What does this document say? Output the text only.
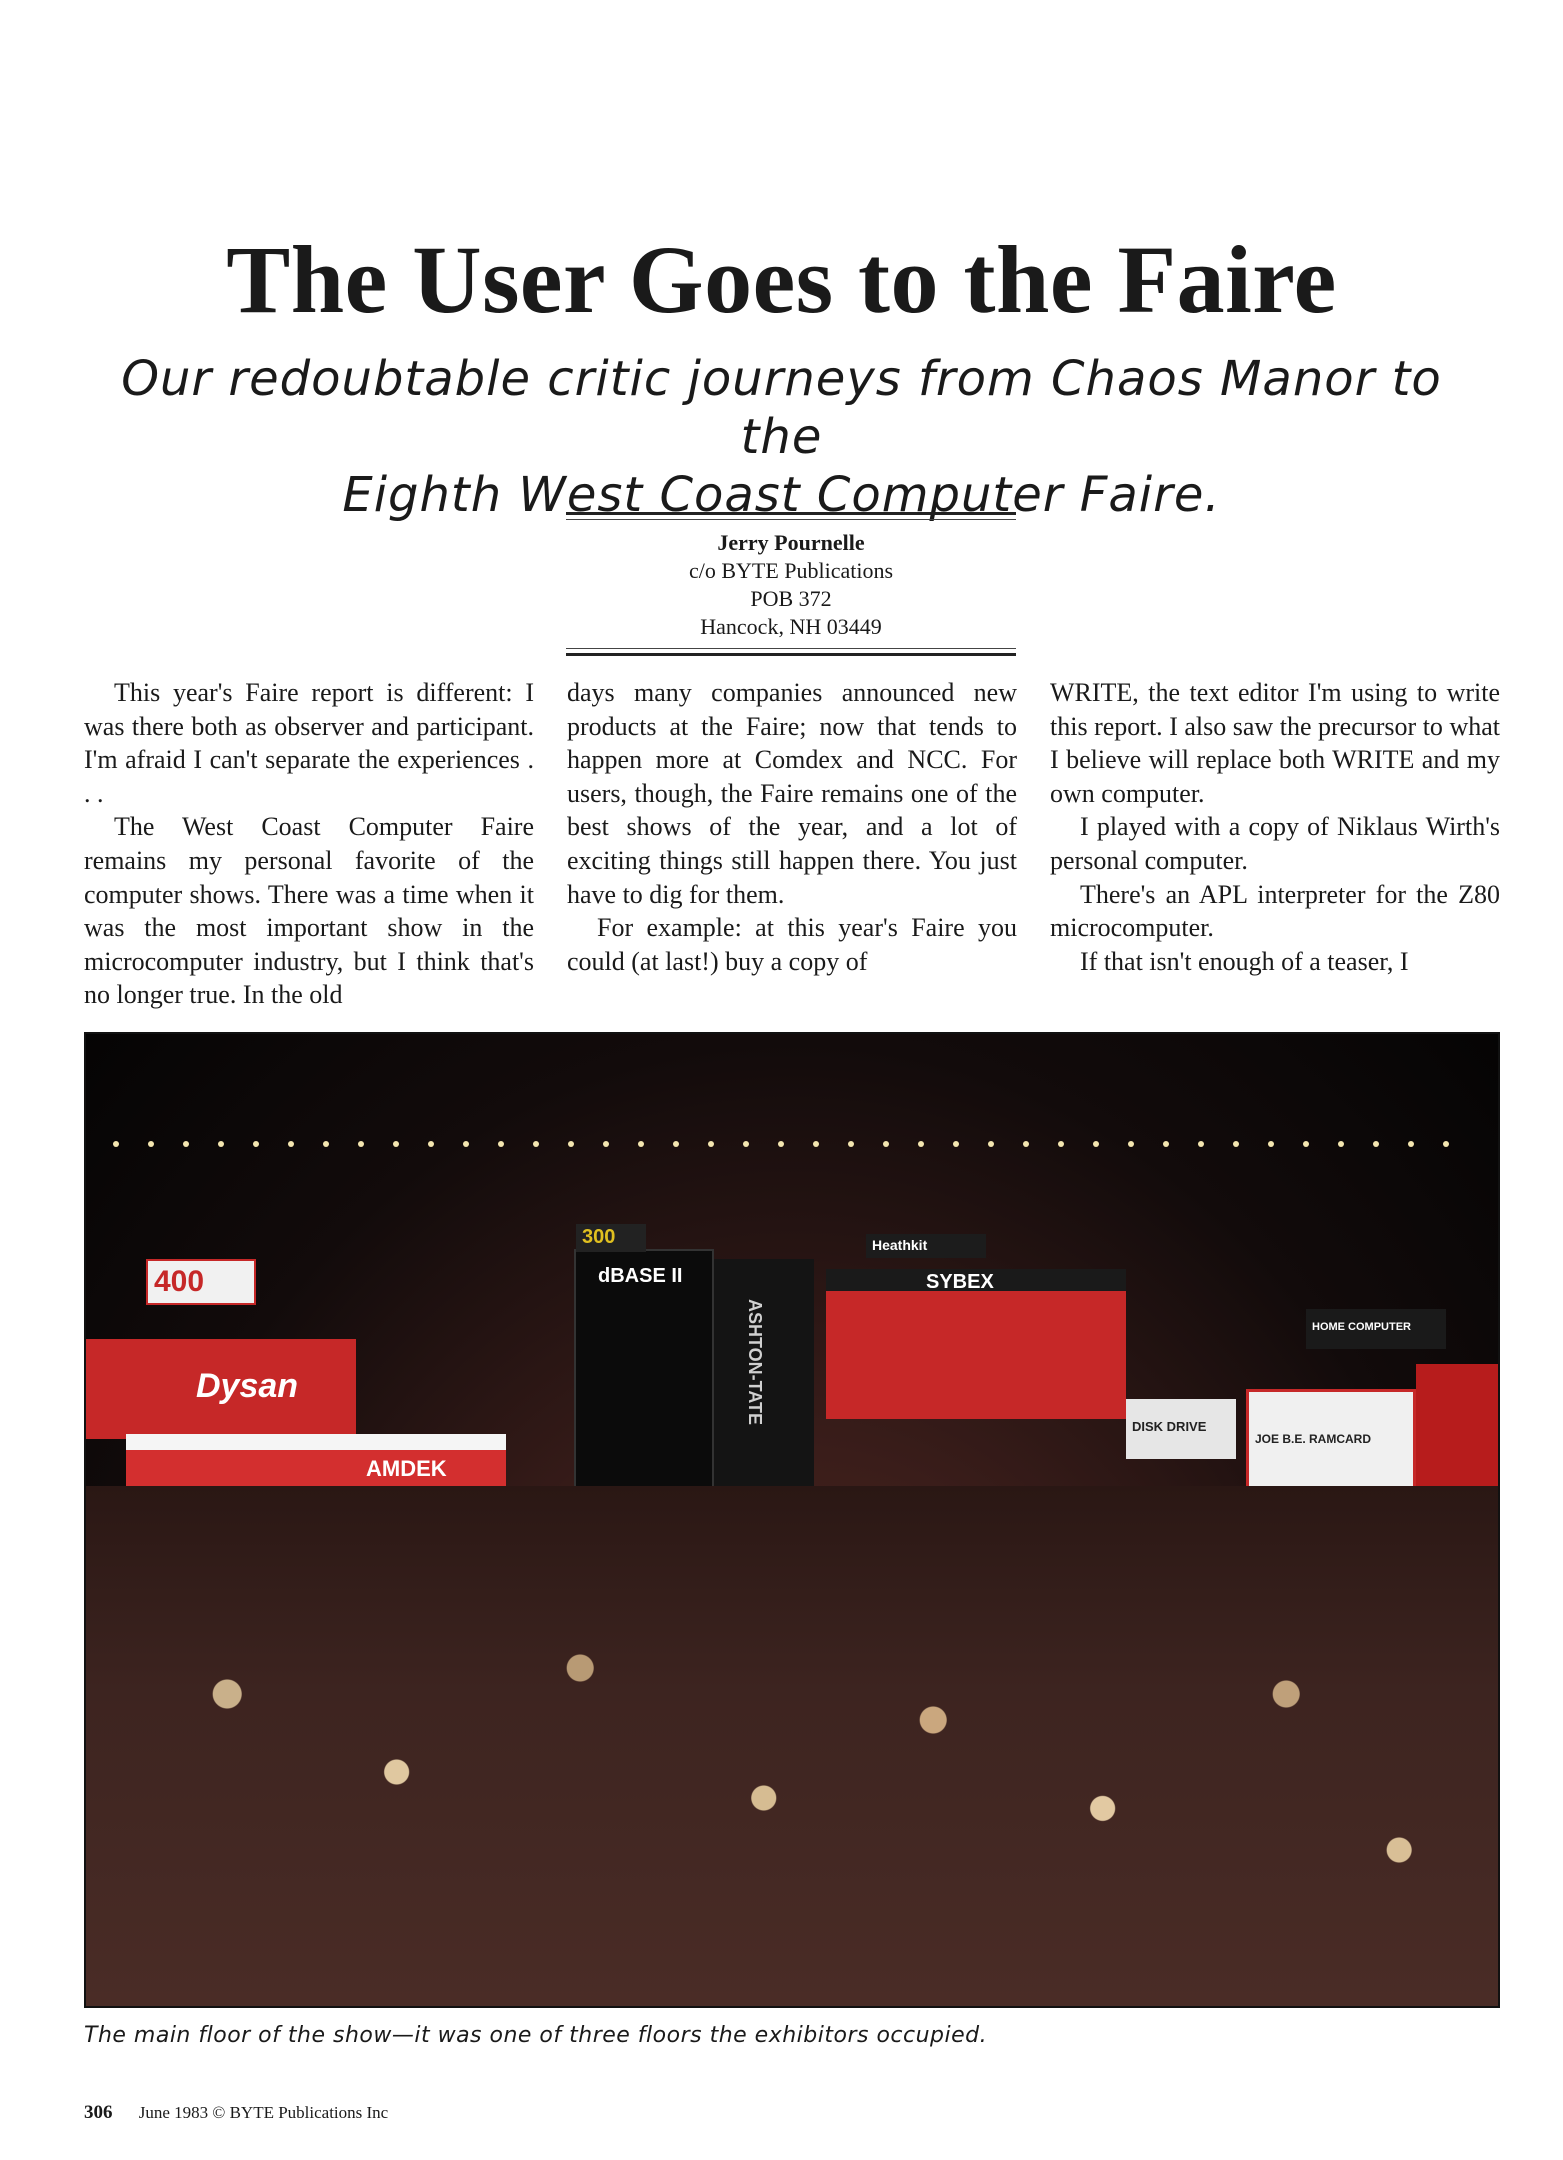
The User Goes to the Faire
Our redoubtable critic journeys from Chaos Manor to the
Eighth West Coast Computer Faire.
Jerry Pournelle
c/o BYTE Publications
POB 372
Hancock, NH 03449

This year's Faire report is different: I was there both as observer and participant. I'm afraid I can't separate the experiences . . .

The West Coast Computer Faire remains my personal favorite of the computer shows. There was a time when it was the most important show in the microcomputer industry, but I think that's no longer true. In the old

days many companies announced new products at the Faire; now that tends to happen more at Comdex and NCC. For users, though, the Faire remains one of the best shows of the year, and a lot of exciting things still happen there. You just have to dig for them.

For example: at this year's Faire you could (at last!) buy a copy of

WRITE, the text editor I'm using to write this report. I also saw the precursor to what I believe will replace both WRITE and my own computer.

I played with a copy of Niklaus Wirth's personal computer.

There's an APL interpreter for the Z80 microcomputer.

If that isn't enough of a teaser, I

400
Dysan
AMDEK
dBASE II
ASHTON-TATE
SYBEX
300	Heathkit
DISK DRIVE
JOE B.E. RAMCARD
HOME COMPUTER
The main floor of the show—it was one of three floors the exhibitors occupied.
306 June 1983 © BYTE Publications Inc
